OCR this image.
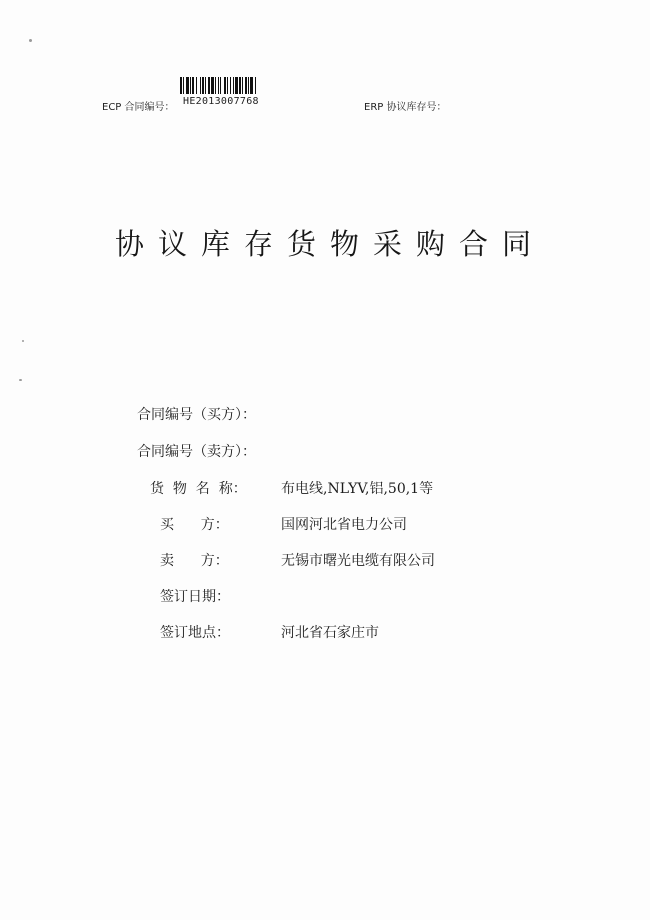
ECP 合同编号：
HE2013007768
ERP 协议库存号：
协议库存货物采购合同
合同编号（买方）：
合同编号（卖方）：
货  物  名  称： 布电线,NLYV,铝,50,1等
买      方：	国网河北省电力公司
卖      方：	无锡市曙光电缆有限公司
签订日期：
签订地点：	河北省石家庄市
